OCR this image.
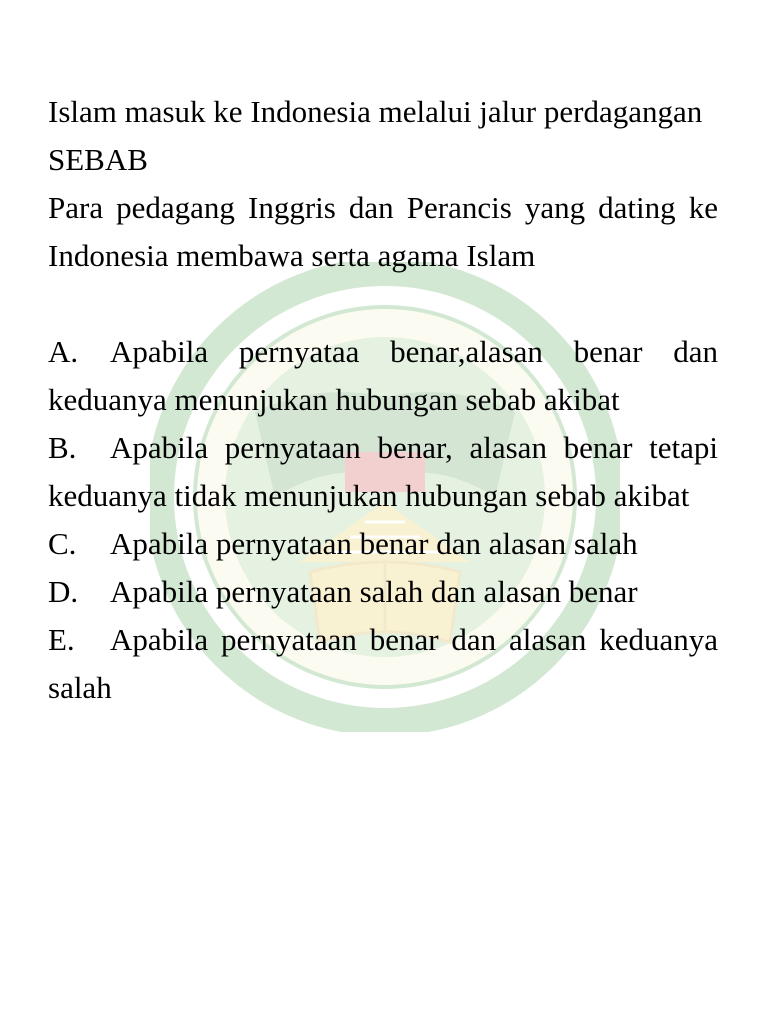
Islam masuk ke Indonesia melalui jalur perdagangan

SEBAB

Para pedagang Inggris dan Perancis yang dating ke Indonesia membawa serta agama Islam

A. Apabila pernyataa benar,alasan benar dan keduanya menunjukan hubungan sebab akibat

B. Apabila pernyataan benar, alasan benar tetapi keduanya tidak menunjukan hubungan sebab akibat

C. Apabila pernyataan benar dan alasan salah

D. Apabila pernyataan salah dan alasan benar

E. Apabila pernyataan benar dan alasan keduanya salah
